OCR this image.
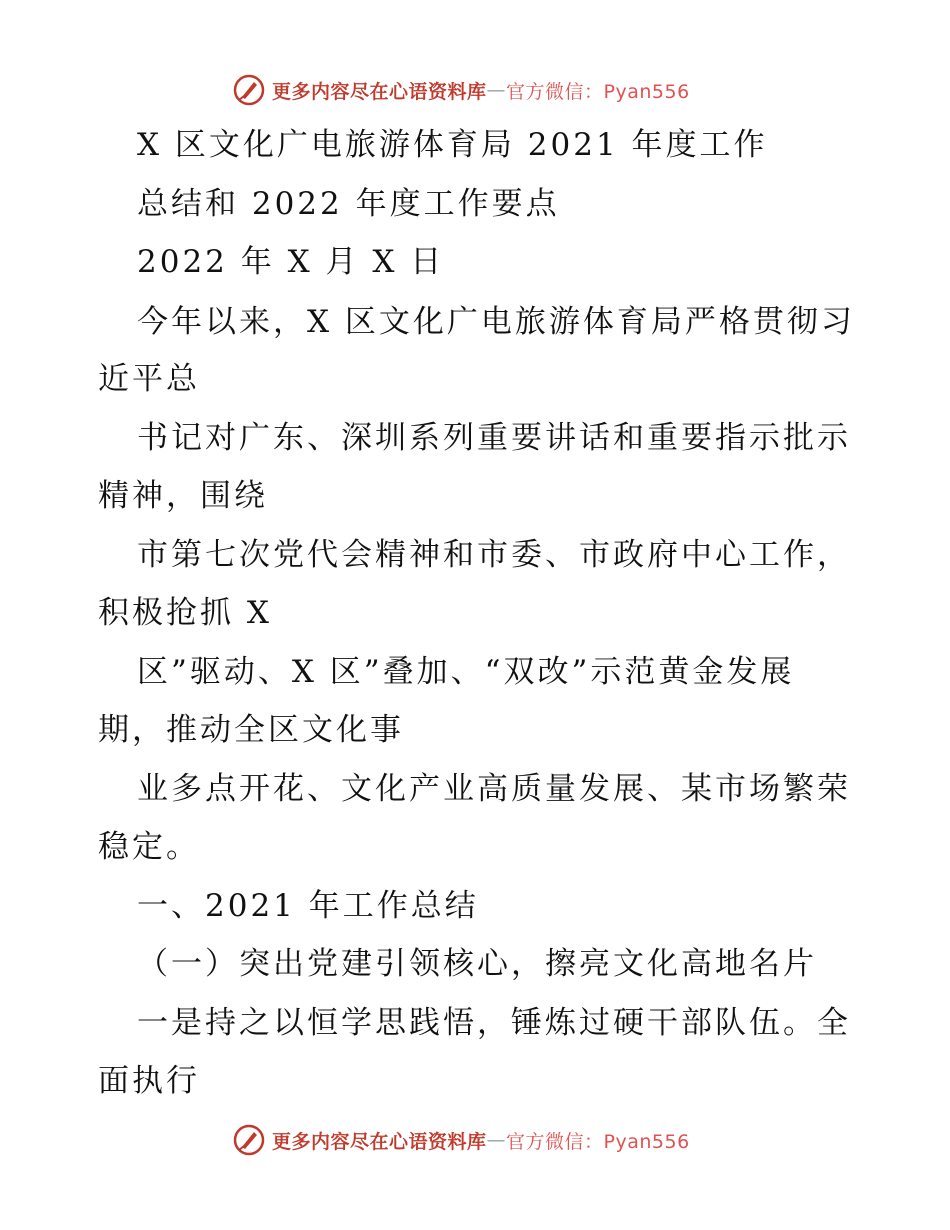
更多内容尽在心语资料库 — 官方微信：Pyan556
X 区文化广电旅游体育局 2021 年度工作
总结和 2022 年度工作要点
2022 年 X 月 X 日
今年以来，X 区文化广电旅游体育局严格贯彻习
近平总
书记对广东、深圳系列重要讲话和重要指示批示
精神，围绕
市第七次党代会精神和市委、市政府中心工作，
积极抢抓 X
区”驱动、X 区”叠加、“双改”示范黄金发展
期，推动全区文化事
业多点开花、文化产业高质量发展、某市场繁荣
稳定。
一、2021 年工作总结
（一）突出党建引领核心，擦亮文化高地名片
一是持之以恒学思践悟，锤炼过硬干部队伍。全
面执行
更多内容尽在心语资料库 — 官方微信：Pyan556
